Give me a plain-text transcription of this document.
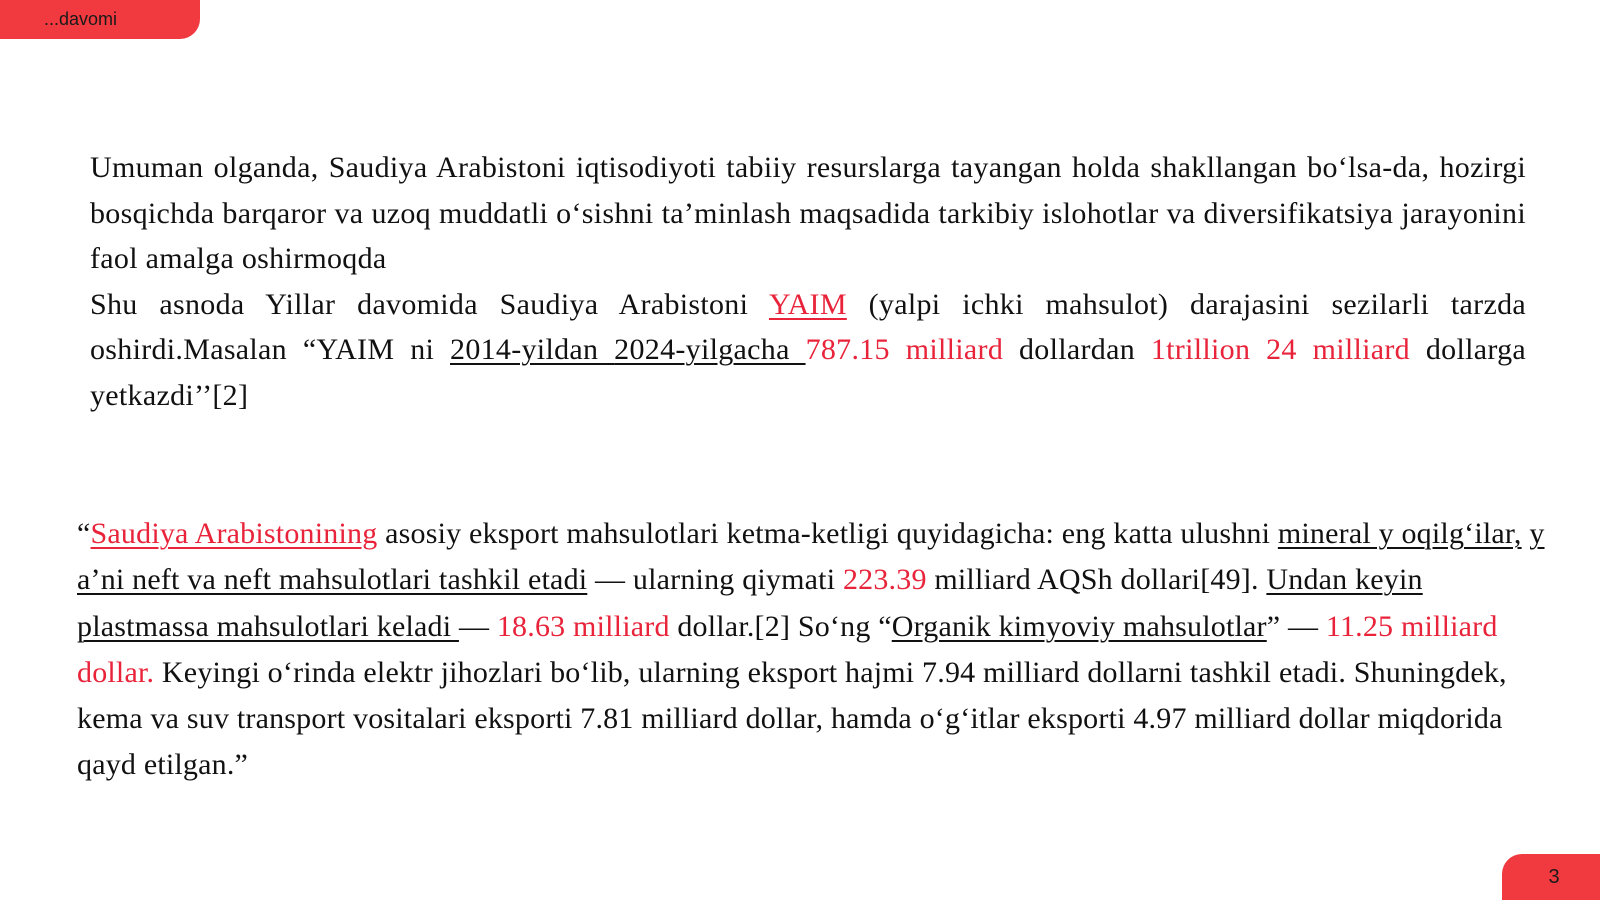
...davomi

Umuman olganda, Saudiya Arabistoni iqtisodiyoti tabiiy resurslarga tayangan holda shakllangan bo‘lsa-da, hozirgi bosqichda barqaror va uzoq muddatli o‘sishni ta’minlash maqsadida tarkibiy islohotlar va diversifikatsiya jarayonini faol amalga oshirmoqda

Shu asnoda Yillar davomida Saudiya Arabistoni YAIM (yalpi ichki mahsulot) darajasini sezilarli tarzda oshirdi.Masalan “YAIM ni 2014-yildan 2024-yilgacha 787.15 milliard dollardan 1trillion 24 milliard dollarga yetkazdi’’[2]

“Saudiya Arabistonining asosiy eksport mahsulotlari ketma-ketligi quyidagicha: eng katta ulushni mineral y oqilg‘ilar, y a’ni neft va neft mahsulotlari tashkil etadi — ularning qiymati 223.39 milliard AQSh dollari[49]. Undan keyin plastmassa mahsulotlari keladi — 18.63 milliard dollar.[2] So‘ng “Organik kimyoviy mahsulotlar” — 11.25 milliard dollar. Keyingi o‘rinda elektr jihozlari bo‘lib, ularning eksport hajmi 7.94 milliard dollarni tashkil etadi. Shuningdek, kema va suv transport vositalari eksporti 7.81 milliard dollar, hamda o‘g‘itlar eksporti 4.97 milliard dollar miqdorida qayd etilgan.”

3
